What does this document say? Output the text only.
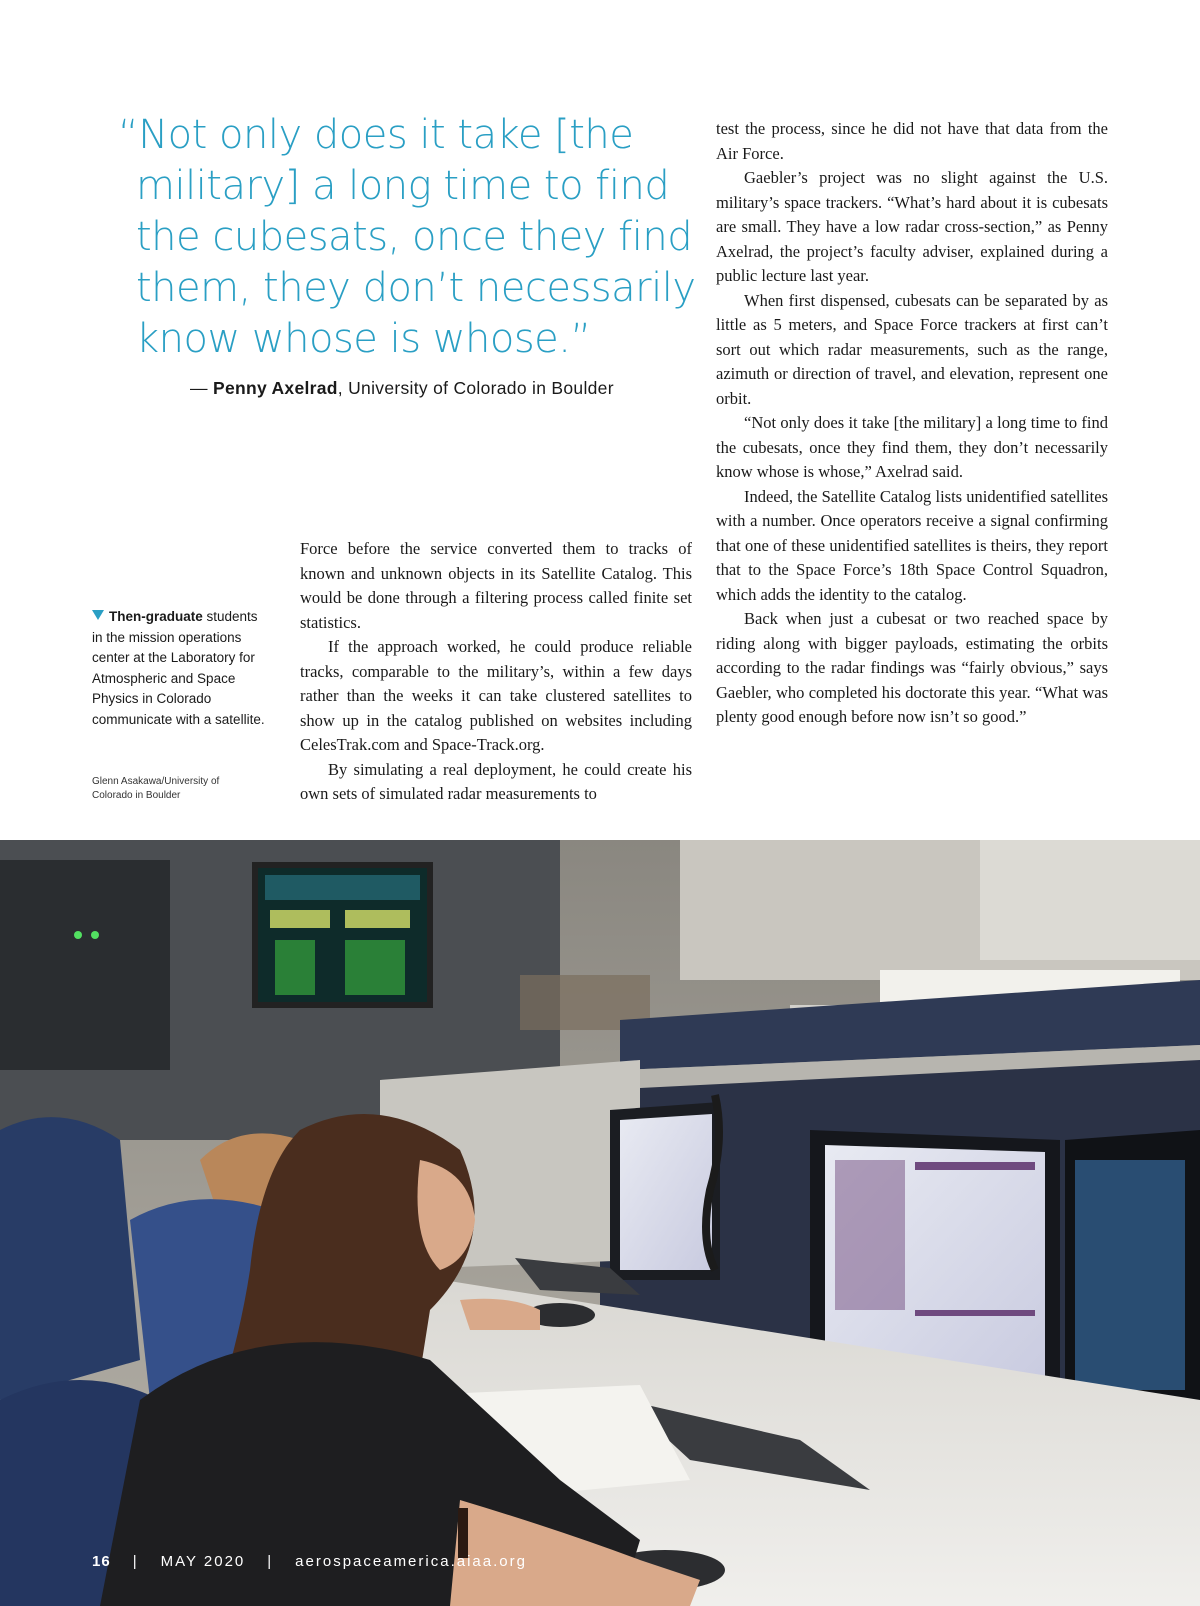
“Not only does it take [the
military] a long time to find
the cubesats, once they find
them, they don’t necessarily
know whose is whose.”
— Penny Axelrad, University of Colorado in Boulder

test the process, since he did not have that data from the Air Force.

Gaebler’s project was no slight against the U.S. military’s space trackers. “What’s hard about it is cubesats are small. They have a low radar cross-section,” as Penny Axelrad, the project’s faculty adviser, explained during a public lecture last year.

When first dispensed, cubesats can be separated by as little as 5 meters, and Space Force trackers at first can’t sort out which radar measurements, such as the range, azimuth or direction of travel, and elevation, represent one orbit.

“Not only does it take [the military] a long time to find the cubesats, once they find them, they don’t necessarily know whose is whose,” Axelrad said.

Indeed, the Satellite Catalog lists unidentified satellites with a number. Once operators receive a signal confirming that one of these unidentified satellites is theirs, they report that to the Space Force’s 18th Space Control Squadron, which adds the identity to the catalog.

Back when just a cubesat or two reached space by riding along with bigger payloads, estimating the orbits according to the radar findings was “fairly obvious,” says Gaebler, who completed his doctorate this year. “What was plenty good enough before now isn’t so good.”

Force before the service converted them to tracks of known and unknown objects in its Satellite Catalog. This would be done through a filtering process called finite set statistics.

If the approach worked, he could produce reliable tracks, comparable to the military’s, within a few days rather than the weeks it can take clustered satellites to show up in the catalog published on websites including CelesTrak.com and Space-Track.org.

By simulating a real deployment, he could create his own sets of simulated radar measurements to

Then-graduate students in the mission operations center at the Laboratory for Atmospheric and Space Physics in Colorado communicate with a satellite.
Glenn Asakawa/University of Colorado in Boulder
16 | MAY 2020 | aerospaceamerica.aiaa.org
